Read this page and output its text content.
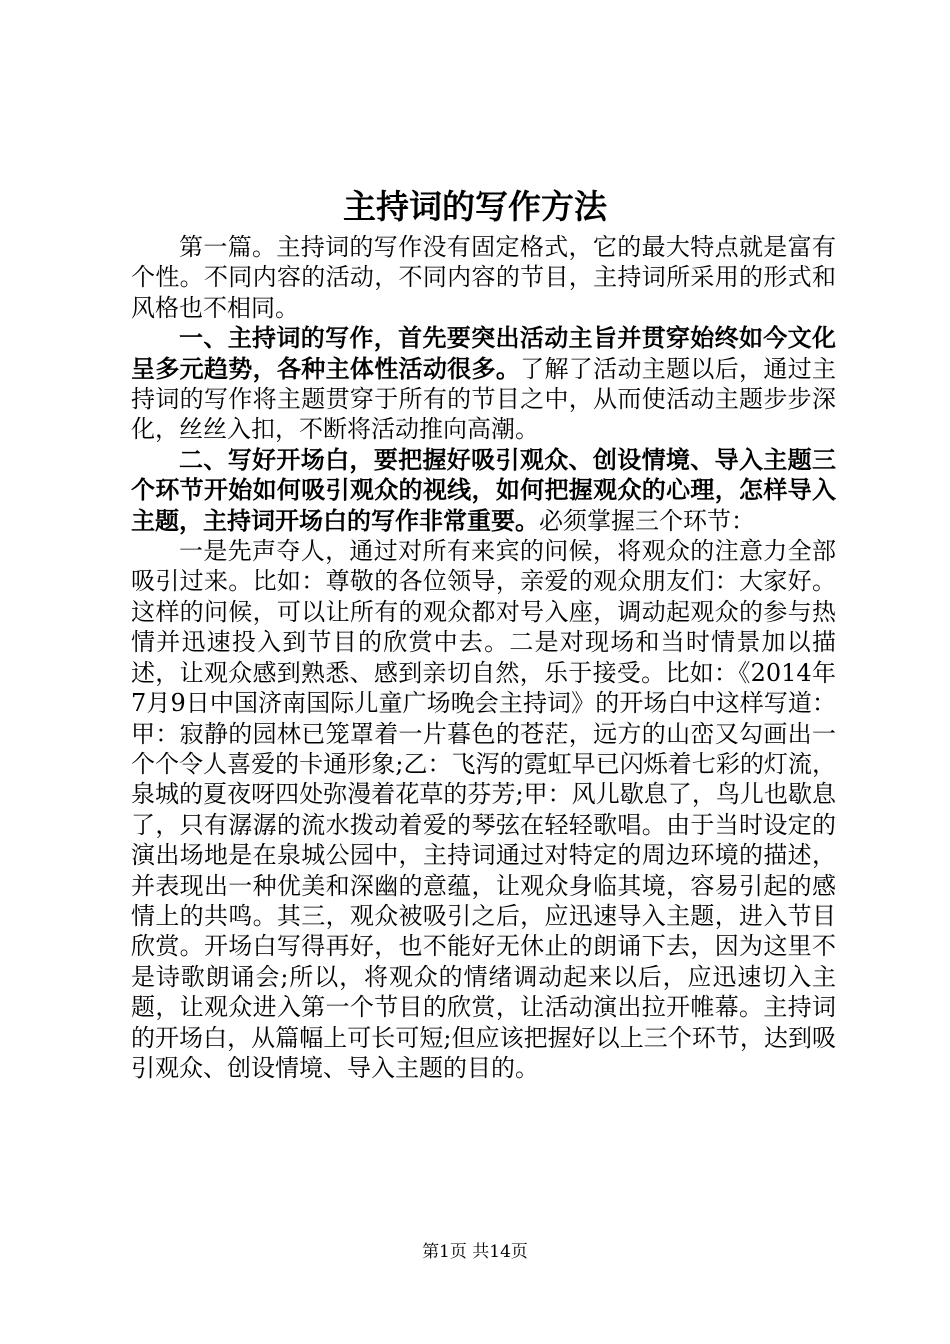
主持词的写作方法

第一篇。主持词的写作没有固定格式，它的最大特点就是富有个性。不同内容的活动，不同内容的节目，主持词所采用的形式和风格也不相同。

一、主持词的写作，首先要突出活动主旨并贯穿始终如今文化呈多元趋势，各种主体性活动很多。了解了活动主题以后，通过主持词的写作将主题贯穿于所有的节目之中，从而使活动主题步步深化，丝丝入扣，不断将活动推向高潮。

二、写好开场白，要把握好吸引观众、创设情境、导入主题三个环节开始如何吸引观众的视线，如何把握观众的心理，怎样导入主题，主持词开场白的写作非常重要。必须掌握三个环节：

一是先声夺人，通过对所有来宾的问候，将观众的注意力全部吸引过来。比如：尊敬的各位领导，亲爱的观众朋友们：大家好。这样的问候，可以让所有的观众都对号入座，调动起观众的参与热情并迅速投入到节目的欣赏中去。二是对现场和当时情景加以描述，让观众感到熟悉、感到亲切自然，乐于接受。比如：《2014年7月9日中国济南国际儿童广场晚会主持词》的开场白中这样写道：甲：寂静的园林已笼罩着一片暮色的苍茫，远方的山峦又勾画出一个个令人喜爱的卡通形象;乙：飞泻的霓虹早已闪烁着七彩的灯流，泉城的夏夜呀四处弥漫着花草的芬芳;甲：风儿歇息了，鸟儿也歇息了，只有潺潺的流水拨动着爱的琴弦在轻轻歌唱。由于当时设定的演出场地是在泉城公园中，主持词通过对特定的周边环境的描述，并表现出一种优美和深幽的意蕴，让观众身临其境，容易引起的感情上的共鸣。其三，观众被吸引之后，应迅速导入主题，进入节目欣赏。开场白写得再好，也不能好无休止的朗诵下去，因为这里不是诗歌朗诵会;所以，将观众的情绪调动起来以后，应迅速切入主题，让观众进入第一个节目的欣赏，让活动演出拉开帷幕。主持词的开场白，从篇幅上可长可短;但应该把握好以上三个环节，达到吸引观众、创设情境、导入主题的目的。

第1页 共14页
